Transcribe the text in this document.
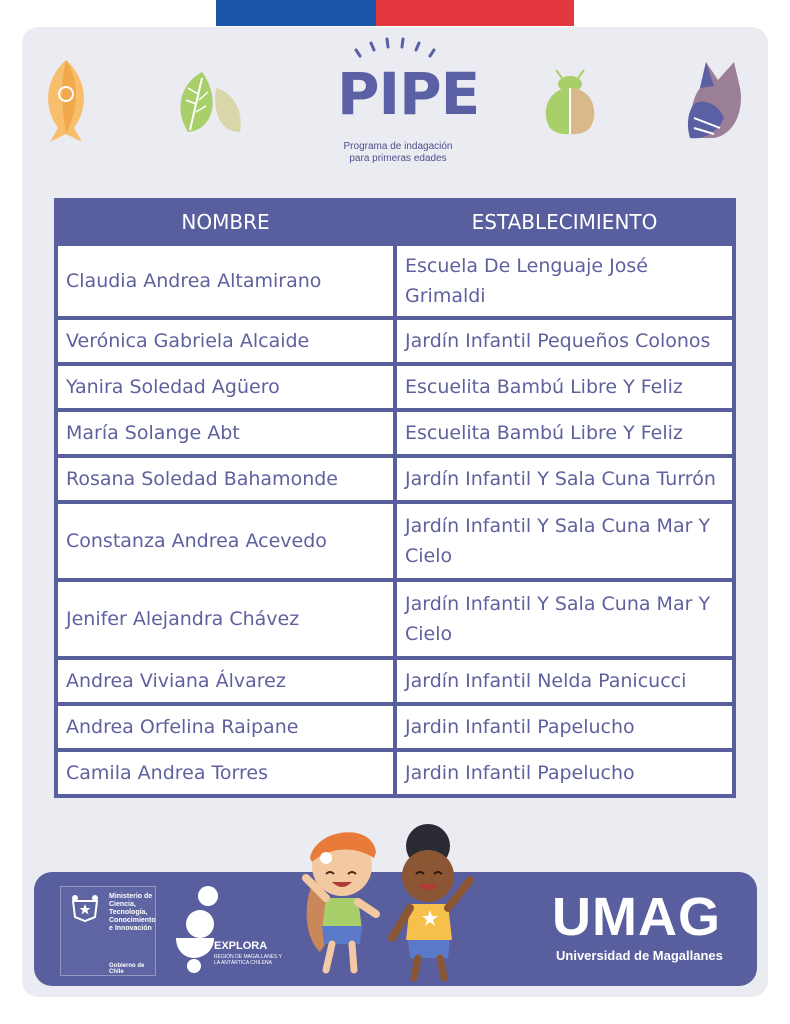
PIPE
Programa de indagación
para primeras edades
NOMBRE	ESTABLECIMIENTO
Claudia Andrea Altamirano	Escuela De Lenguaje José Grimaldi
Verónica Gabriela Alcaide	Jardín Infantil Pequeños Colonos
Yanira Soledad Agüero	Escuelita Bambú Libre Y Feliz
María Solange Abt	Escuelita Bambú Libre Y Feliz
Rosana Soledad Bahamonde	Jardín Infantil Y Sala Cuna Turrón
Constanza Andrea Acevedo	Jardín Infantil Y Sala Cuna Mar Y Cielo
Jenifer Alejandra Chávez	Jardín Infantil Y Sala Cuna Mar Y Cielo
Andrea Viviana Álvarez	Jardín Infantil Nelda Panicucci
Andrea Orfelina Raipane	Jardin Infantil Papelucho
Camila Andrea Torres	Jardin Infantil Papelucho
Ministerio de Ciencia, Tecnología, Conocimiento e Innovación
Gobierno de Chile
EXPLORA
REGIÓN DE MAGALLANES Y LA ANTÁRTICA CHILENA
UMAG
Universidad de Magallanes
